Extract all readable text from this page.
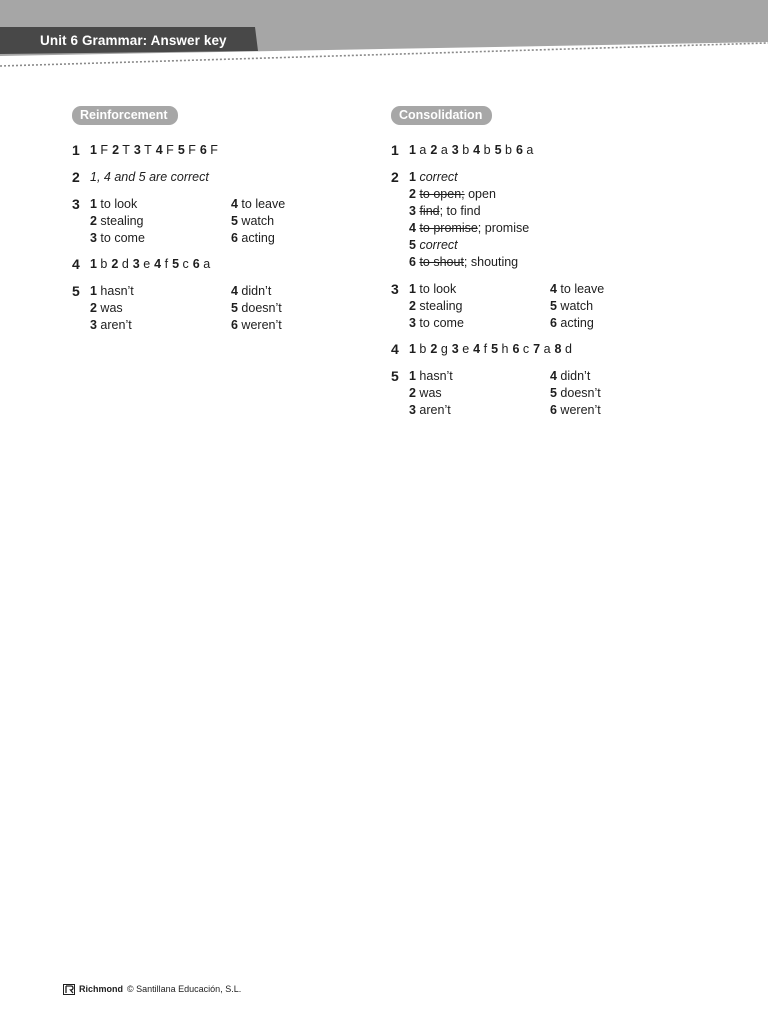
Unit 6 Grammar: Answer key
Reinforcement
1 1 F 2 T 3 T 4 F 5 F 6 F
2 1, 4 and 5 are correct
3 1 to look	4 to leave
2 stealing	5 watch
3 to come	6 acting
4 1 b 2 d 3 e 4 f 5 c 6 a
5 1 hasn’t	4 didn’t
2 was	5 doesn’t
3 aren’t	6 weren’t
Consolidation
1 1 a 2 a 3 b 4 b 5 b 6 a
2 1 correct
2 to open; open
3 find; to find
4 to promise; promise
5 correct
6 to shout; shouting
3 1 to look	4 to leave
2 stealing	5 watch
3 to come	6 acting
4 1 b 2 g 3 e 4 f 5 h 6 c 7 a 8 d
5 1 hasn’t	4 didn’t
2 was	5 doesn’t
3 aren’t	6 weren’t
Richmond © Santillana Educación, S.L.
